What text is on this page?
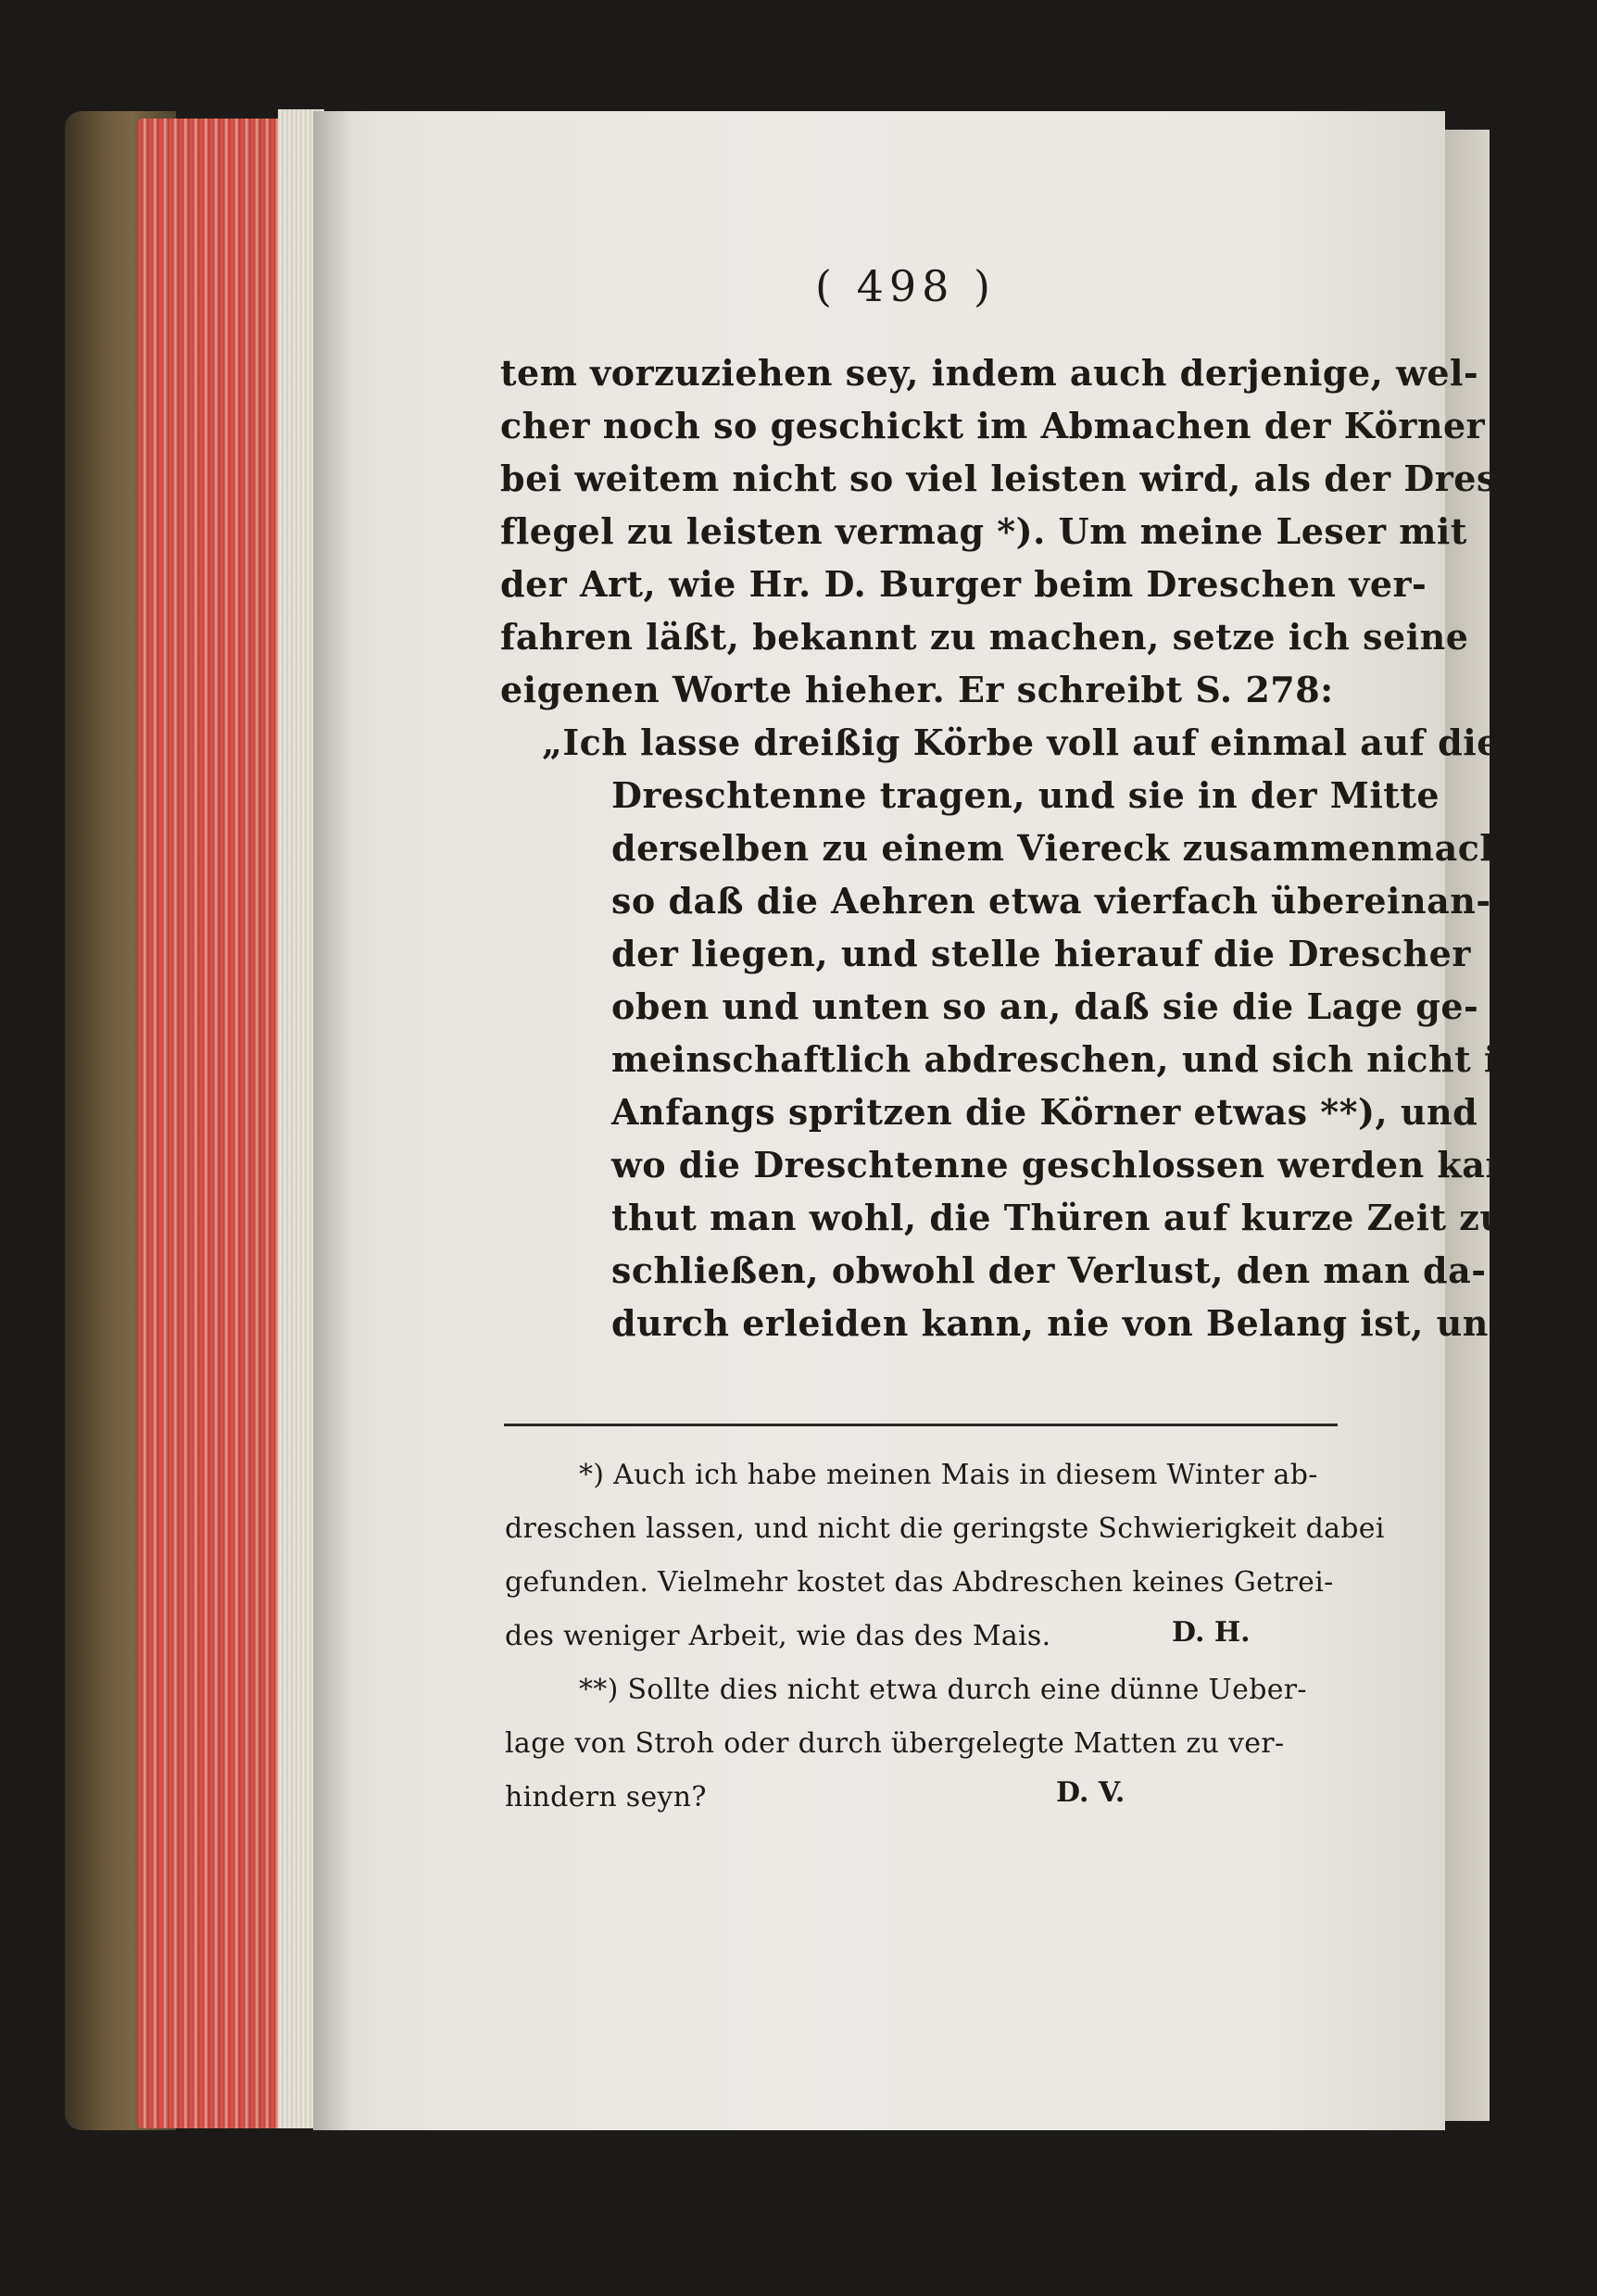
( 498 )
tem vorzuziehen sey, indem auch derjenige, wel-
cher noch so geschickt im Abmachen der Körner ist,
bei weitem nicht so viel leisten wird, als der Dresch-
flegel zu leisten vermag *). Um meine Leser mit
der Art, wie Hr. D. Burger beim Dreschen ver-
fahren läßt, bekannt zu machen, setze ich seine
eigenen Worte hieher. Er schreibt S. 278:
„Ich lasse dreißig Körbe voll auf einmal auf die
Dreschtenne tragen, und sie in der Mitte
derselben zu einem Viereck zusammenmachen,
so daß die Aehren etwa vierfach übereinan-
der liegen, und stelle hierauf die Drescher
oben und unten so an, daß sie die Lage ge-
meinschaftlich abdreschen, und sich nicht irren.
Anfangs spritzen die Körner etwas **), und
wo die Dreschtenne geschlossen werden kann,
thut man wohl, die Thüren auf kurze Zeit zu
schließen, obwohl der Verlust, den man da-
durch erleiden kann, nie von Belang ist, und
*) Auch ich habe meinen Mais in diesem Winter ab-
dreschen lassen, und nicht die geringste Schwierigkeit dabei
gefunden. Vielmehr kostet das Abdreschen keines Getrei-
des weniger Arbeit, wie das des Mais.	D. H.
**) Sollte dies nicht etwa durch eine dünne Ueber-
lage von Stroh oder durch übergelegte Matten zu ver-
hindern seyn?	D. V.
